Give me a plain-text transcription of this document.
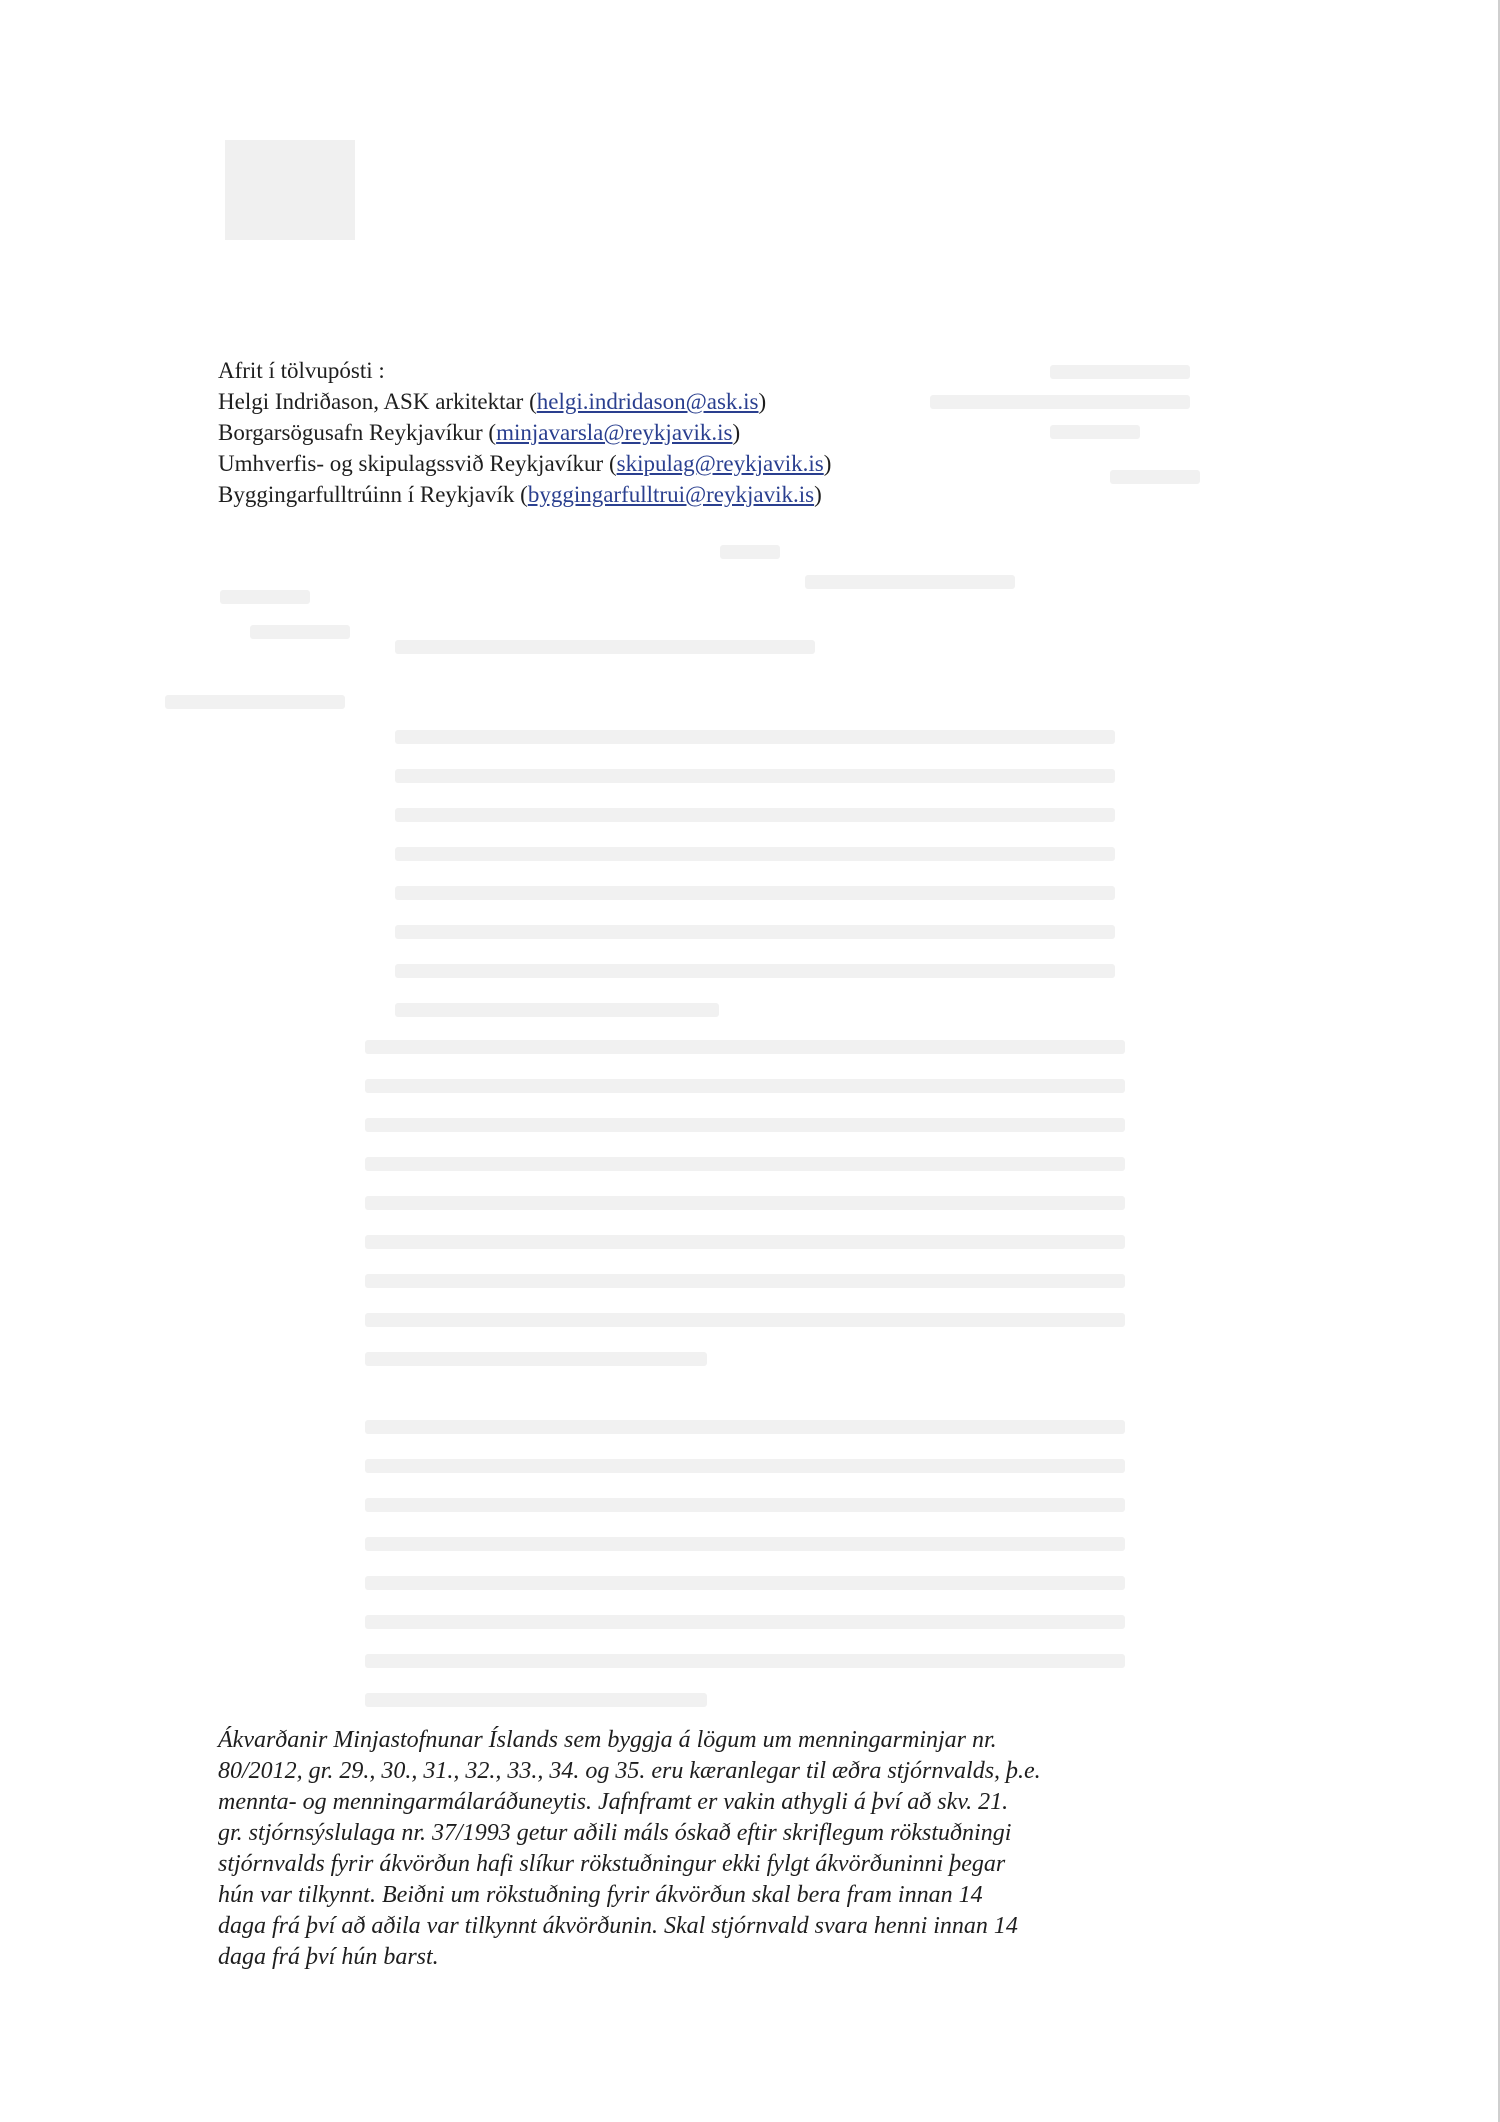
Afrit í tölvupósti :
Helgi Indriðason, ASK arkitektar (helgi.indridason@ask.is)
Borgarsögusafn Reykjavíkur (minjavarsla@reykjavik.is)
Umhverfis- og skipulagssvið Reykjavíkur (skipulag@reykjavik.is)
Byggingarfulltrúinn í Reykjavík (byggingarfulltrui@reykjavik.is)
Ákvarðanir Minjastofnunar Íslands sem byggja á lögum um menningarminjar nr.
80/2012, gr. 29., 30., 31., 32., 33., 34. og 35. eru kæranlegar til æðra stjórnvalds, þ.e.
mennta- og menningarmálaráðuneytis. Jafnframt er vakin athygli á því að skv. 21.
gr. stjórnsýslulaga nr. 37/1993 getur aðili máls óskað eftir skriflegum rökstuðningi
stjórnvalds fyrir ákvörðun hafi slíkur rökstuðningur ekki fylgt ákvörðuninni þegar
hún var tilkynnt. Beiðni um rökstuðning fyrir ákvörðun skal bera fram innan 14
daga frá því að aðila var tilkynnt ákvörðunin. Skal stjórnvald svara henni innan 14
daga frá því hún barst.
